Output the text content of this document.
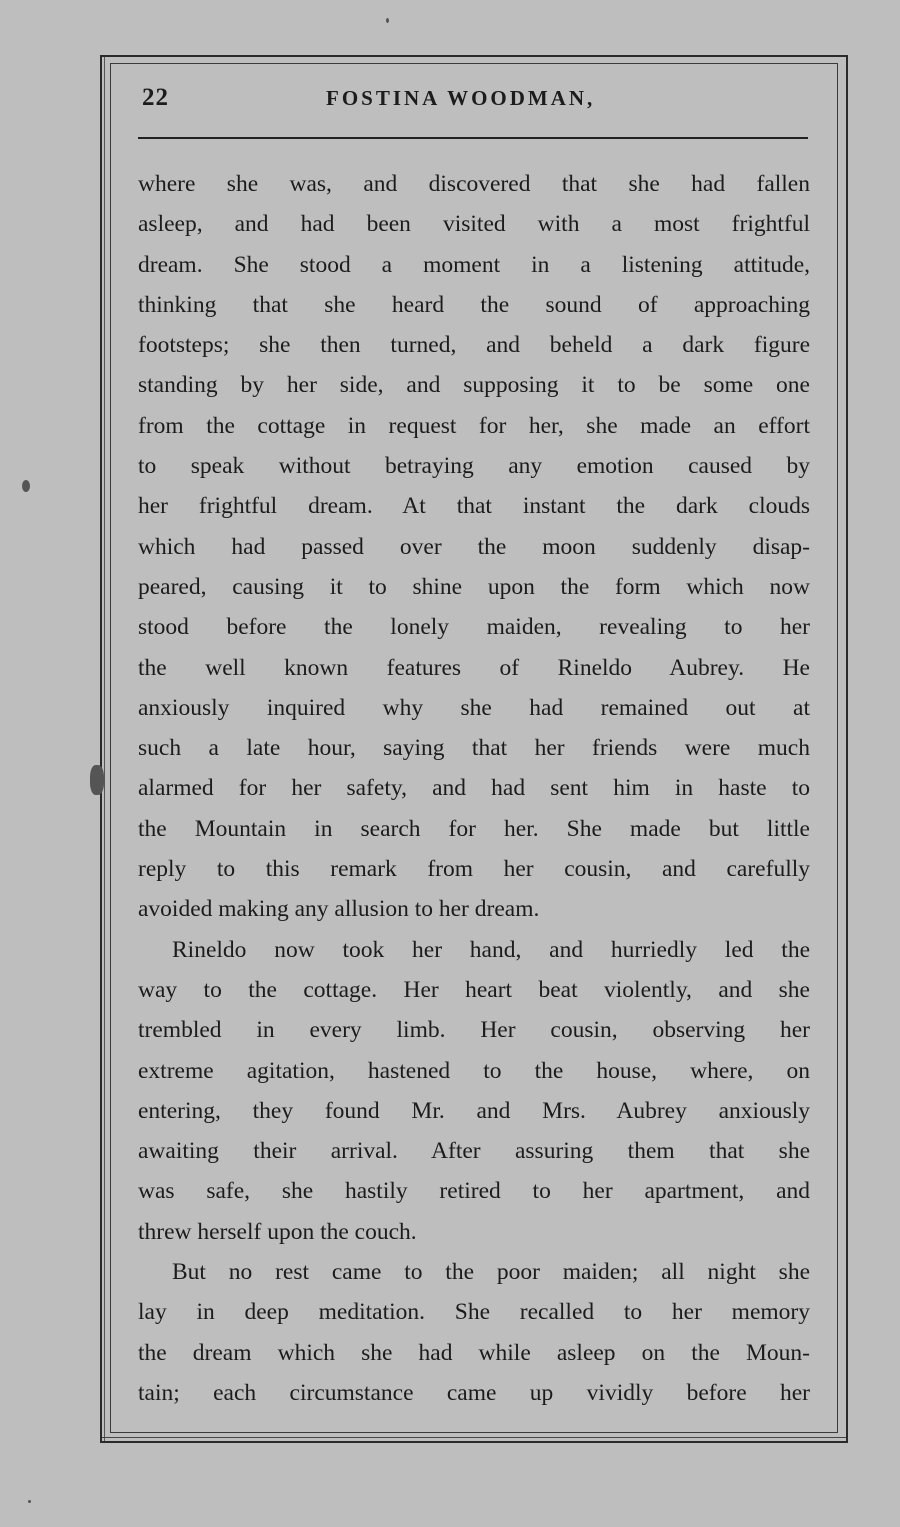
22	FOSTINA WOODMAN,
where she was, and discovered that she had fallen
asleep, and had been visited with a most frightful
dream. She stood a moment in a listening attitude,
thinking that she heard the sound of approaching
footsteps; she then turned, and beheld a dark figure
standing by her side, and supposing it to be some one
from the cottage in request for her, she made an effort
to speak without betraying any emotion caused by
her frightful dream. At that instant the dark clouds
which had passed over the moon suddenly disap-
peared, causing it to shine upon the form which now
stood before the lonely maiden, revealing to her
the well known features of Rineldo Aubrey. He
anxiously inquired why she had remained out at
such a late hour, saying that her friends were much
alarmed for her safety, and had sent him in haste to
the Mountain in search for her. She made but little
reply to this remark from her cousin, and carefully
avoided making any allusion to her dream.
Rineldo now took her hand, and hurriedly led the
way to the cottage. Her heart beat violently, and she
trembled in every limb. Her cousin, observing her
extreme agitation, hastened to the house, where, on
entering, they found Mr. and Mrs. Aubrey anxiously
awaiting their arrival. After assuring them that she
was safe, she hastily retired to her apartment, and
threw herself upon the couch.
But no rest came to the poor maiden; all night she
lay in deep meditation. She recalled to her memory
the dream which she had while asleep on the Moun-
tain; each circumstance came up vividly before her
